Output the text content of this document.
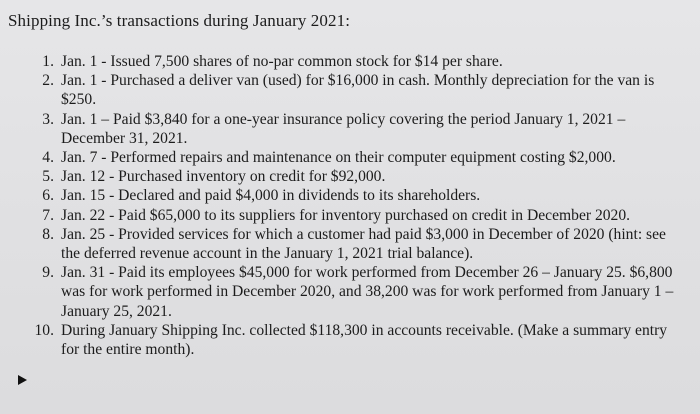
Shipping Inc.’s transactions during January 2021:
1. Jan. 1 - Issued 7,500 shares of no-par common stock for $14 per share.
2. Jan. 1 - Purchased a deliver van (used) for $16,000 in cash. Monthly depreciation for the van is $250.
3. Jan. 1 – Paid $3,840 for a one-year insurance policy covering the period January 1, 2021 – December 31, 2021.
4. Jan. 7 - Performed repairs and maintenance on their computer equipment costing $2,000.
5. Jan. 12 - Purchased inventory on credit for $92,000.
6. Jan. 15 - Declared and paid $4,000 in dividends to its shareholders.
7. Jan. 22 - Paid $65,000 to its suppliers for inventory purchased on credit in December 2020.
8. Jan. 25 - Provided services for which a customer had paid $3,000 in December of 2020 (hint: see the deferred revenue account in the January 1, 2021 trial balance).
9. Jan. 31 - Paid its employees $45,000 for work performed from December 26 – January 25. $6,800 was for work performed in December 2020, and 38,200 was for work performed from January 1 – January 25, 2021.
10. During January Shipping Inc. collected $118,300 in accounts receivable. (Make a summary entry for the entire month).
